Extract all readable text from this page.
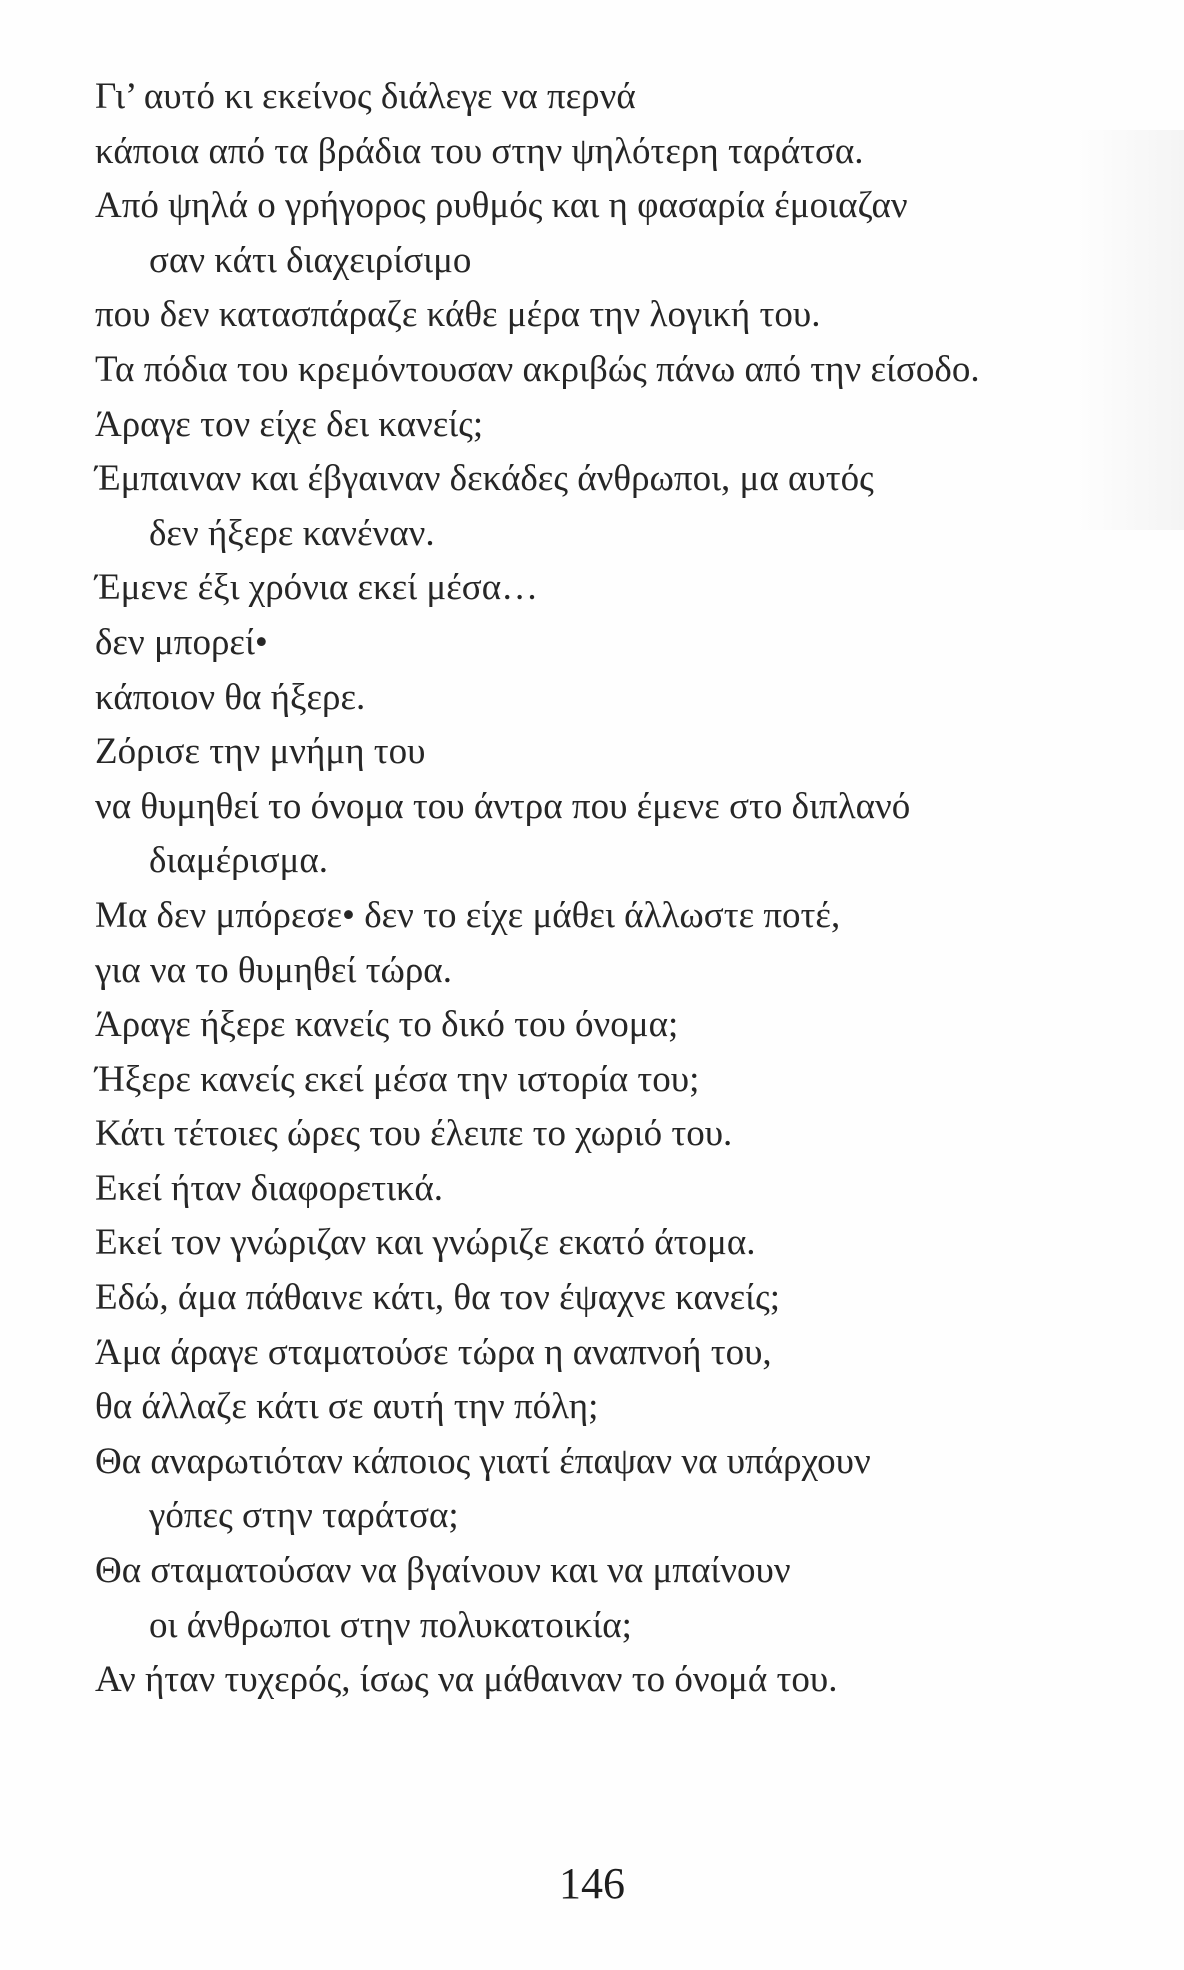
Γι’ αυτό κι εκείνος διάλεγε να περνά
κάποια από τα βράδια του στην ψηλότερη ταράτσα.
Από ψηλά ο γρήγορος ρυθμός και η φασαρία έμοιαζαν
σαν κάτι διαχειρίσιμο
που δεν κατασπάραζε κάθε μέρα την λογική του.
Τα πόδια του κρεμόντουσαν ακριβώς πάνω από την είσοδο.
Άραγε τον είχε δει κανείς;
Έμπαιναν και έβγαιναν δεκάδες άνθρωποι, μα αυτός
δεν ήξερε κανέναν.
Έμενε έξι χρόνια εκεί μέσα…
δεν μπορεί•
κάποιον θα ήξερε.
Ζόρισε την μνήμη του
να θυμηθεί το όνομα του άντρα που έμενε στο διπλανό
διαμέρισμα.
Μα δεν μπόρεσε• δεν το είχε μάθει άλλωστε ποτέ,
για να το θυμηθεί τώρα.
Άραγε ήξερε κανείς το δικό του όνομα;
Ήξερε κανείς εκεί μέσα την ιστορία του;
Κάτι τέτοιες ώρες του έλειπε το χωριό του.
Εκεί ήταν διαφορετικά.
Εκεί τον γνώριζαν και γνώριζε εκατό άτομα.
Εδώ, άμα πάθαινε κάτι, θα τον έψαχνε κανείς;
Άμα άραγε σταματούσε τώρα η αναπνοή του,
θα άλλαζε κάτι σε αυτή την πόλη;
Θα αναρωτιόταν κάποιος γιατί έπαψαν να υπάρχουν
γόπες στην ταράτσα;
Θα σταματούσαν να βγαίνουν και να μπαίνουν
οι άνθρωποι στην πολυκατοικία;
Αν ήταν τυχερός, ίσως να μάθαιναν το όνομά του.
146
